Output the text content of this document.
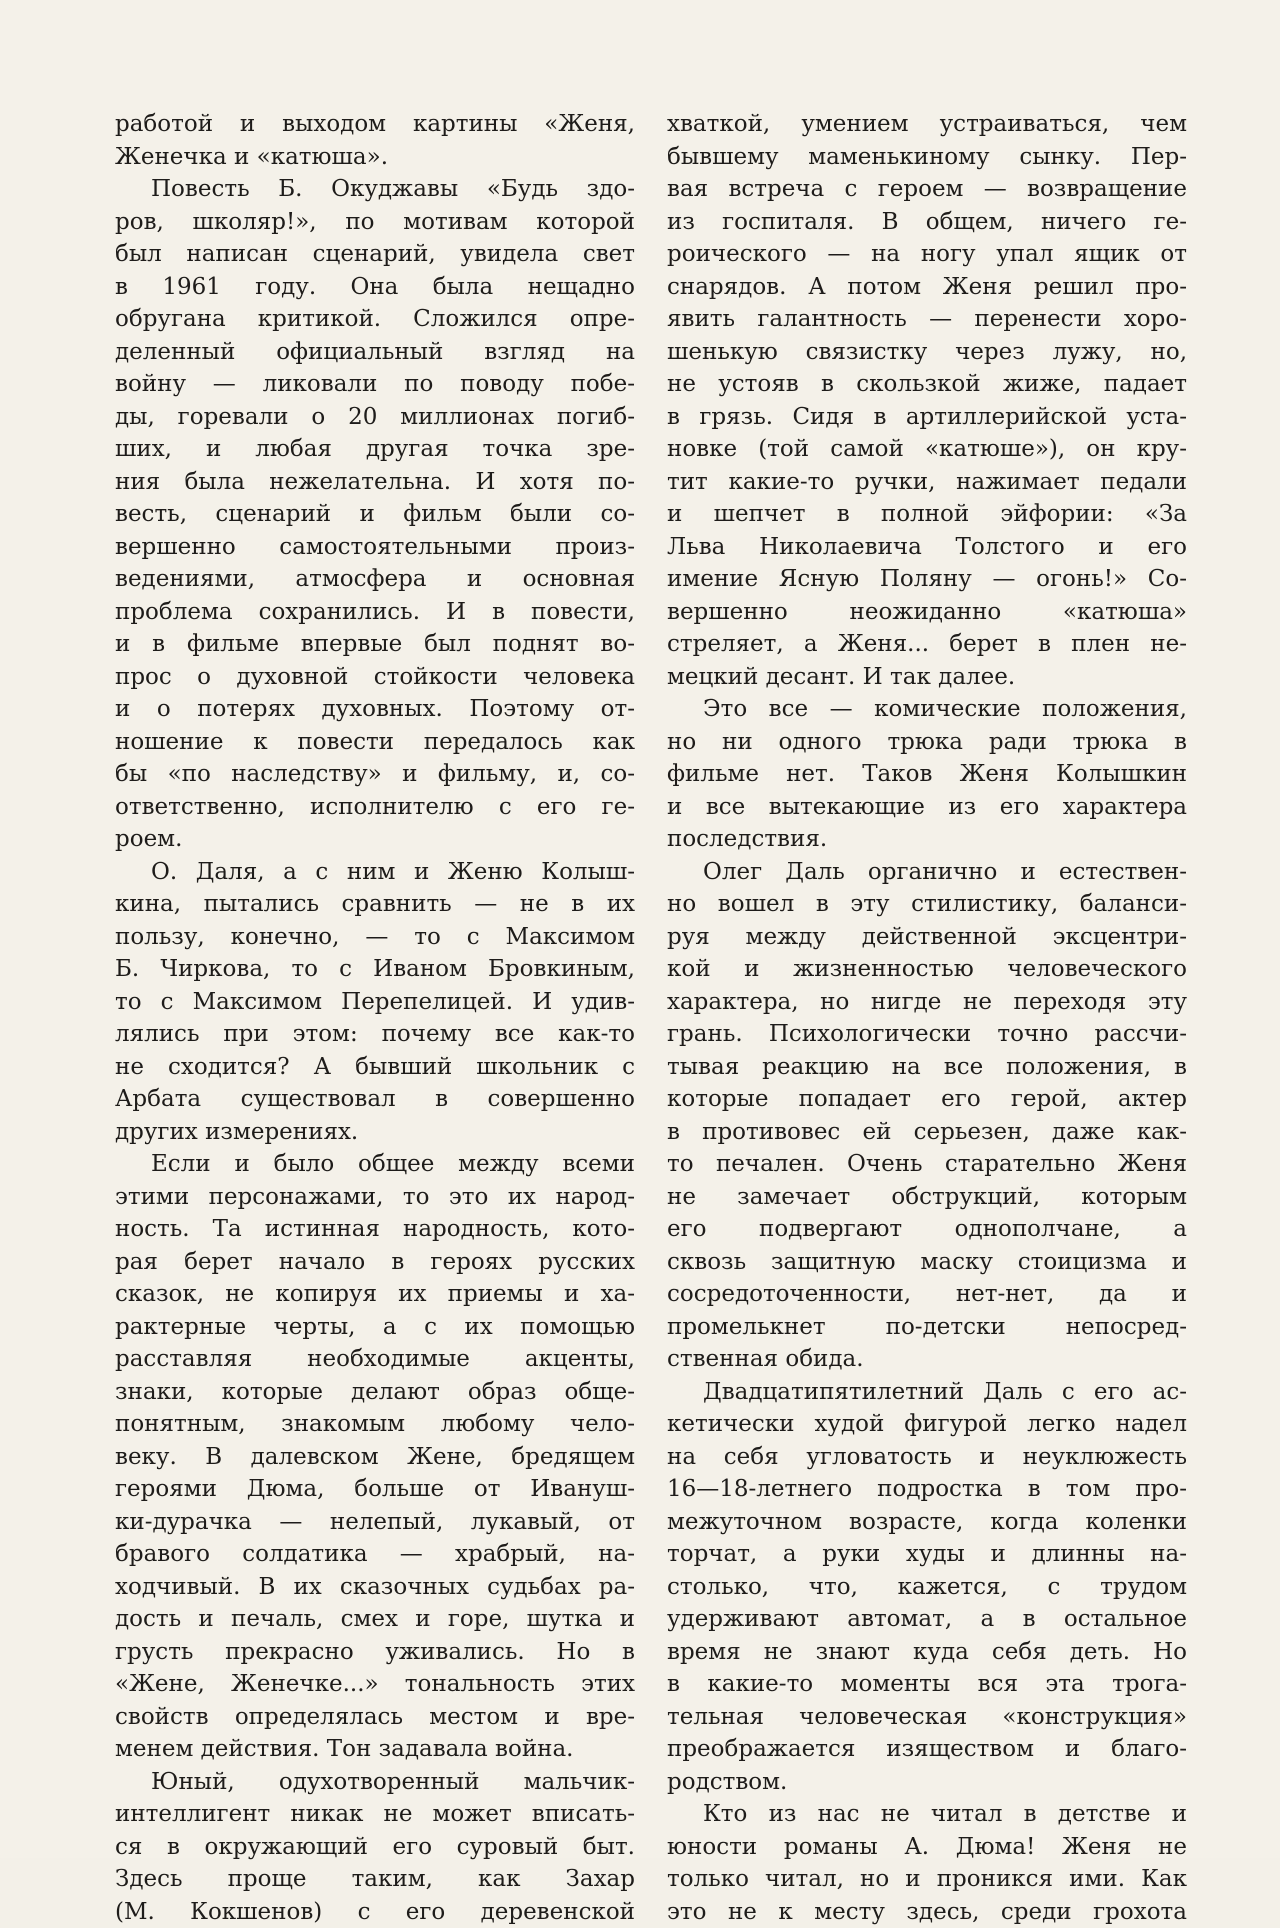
работой и выходом картины «Женя,
Женечка и «катюша».
Повесть Б. Окуджавы «Будь здо-
ров, школяр!», по мотивам которой
был написан сценарий, увидела свет
в 1961 году. Она была нещадно
обругана критикой. Сложился опре-
деленный официальный взгляд на
войну — ликовали по поводу побе-
ды, горевали о 20 миллионах погиб-
ших, и любая другая точка зре-
ния была нежелательна. И хотя по-
весть, сценарий и фильм были со-
вершенно самостоятельными произ-
ведениями, атмосфера и основная
проблема сохранились. И в повести,
и в фильме впервые был поднят во-
прос о духовной стойкости человека
и о потерях духовных. Поэтому от-
ношение к повести передалось как
бы «по наследству» и фильму, и, со-
ответственно, исполнителю с его ге-
роем.
О. Даля, а с ним и Женю Колыш-
кина, пытались сравнить — не в их
пользу, конечно, — то с Максимом
Б. Чиркова, то с Иваном Бровкиным,
то с Максимом Перепелицей. И удив-
лялись при этом: почему все как-то
не сходится? А бывший школьник с
Арбата существовал в совершенно
других измерениях.
Если и было общее между всеми
этими персонажами, то это их народ-
ность. Та истинная народность, кото-
рая берет начало в героях русских
сказок, не копируя их приемы и ха-
рактерные черты, а с их помощью
расставляя необходимые акценты,
знаки, которые делают образ обще-
понятным, знакомым любому чело-
веку. В далевском Жене, бредящем
героями Дюма, больше от Ивануш-
ки-дурачка — нелепый, лукавый, от
бравого солдатика — храбрый, на-
ходчивый. В их сказочных судьбах ра-
дость и печаль, смех и горе, шутка и
грусть прекрасно уживались. Но в
«Жене, Женечке...» тональность этих
свойств определялась местом и вре-
менем действия. Тон задавала война.
Юный, одухотворенный мальчик-
интеллигент никак не может вписать-
ся в окружающий его суровый быт.
Здесь проще таким, как Захар
(М. Кокшенов) с его деревенской
хваткой, умением устраиваться, чем
бывшему маменькиному сынку. Пер-
вая встреча с героем — возвращение
из госпиталя. В общем, ничего ге-
роического — на ногу упал ящик от
снарядов. А потом Женя решил про-
явить галантность — перенести хоро-
шенькую связистку через лужу, но,
не устояв в скользкой жиже, падает
в грязь. Сидя в артиллерийской уста-
новке (той самой «катюше»), он кру-
тит какие-то ручки, нажимает педали
и шепчет в полной эйфории: «За
Льва Николаевича Толстого и его
имение Ясную Поляну — огонь!» Со-
вершенно неожиданно «катюша»
стреляет, а Женя... берет в плен не-
мецкий десант. И так далее.
Это все — комические положения,
но ни одного трюка ради трюка в
фильме нет. Таков Женя Колышкин
и все вытекающие из его характера
последствия.
Олег Даль органично и естествен-
но вошел в эту стилистику, баланси-
руя между действенной эксцентри-
кой и жизненностью человеческого
характера, но нигде не переходя эту
грань. Психологически точно рассчи-
тывая реакцию на все положения, в
которые попадает его герой, актер
в противовес ей серьезен, даже как-
то печален. Очень старательно Женя
не замечает обструкций, которым
его подвергают однополчане, а
сквозь защитную маску стоицизма и
сосредоточенности, нет-нет, да и
промелькнет по-детски непосред-
ственная обида.
Двадцатипятилетний Даль с его ас-
кетически худой фигурой легко надел
на себя угловатость и неуклюжесть
16—18-летнего подростка в том про-
межуточном возрасте, когда коленки
торчат, а руки худы и длинны на-
столько, что, кажется, с трудом
удерживают автомат, а в остальное
время не знают куда себя деть. Но
в какие-то моменты вся эта трога-
тельная человеческая «конструкция»
преображается изяществом и благо-
родством.
Кто из нас не читал в детстве и
юности романы А. Дюма! Женя не
только читал, но и проникся ими. Как
это не к месту здесь, среди грохота
